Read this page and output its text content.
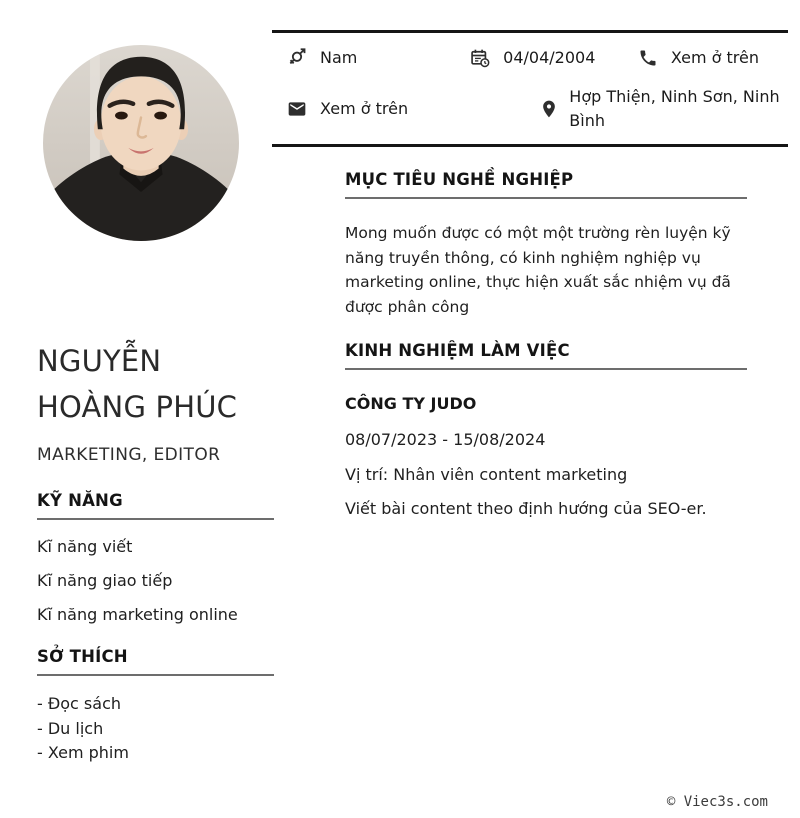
Nam	04/04/2004	Xem ở trên
Xem ở trên
Hợp Thiện, Ninh Sơn, Ninh Bình
NGUYỄN HOÀNG PHÚC
MARKETING, EDITOR
KỸ NĂNG
Kĩ năng viết
Kĩ năng giao tiếp
Kĩ năng marketing online
SỞ THÍCH
- Đọc sách
- Du lịch
- Xem phim
MỤC TIÊU NGHỀ NGHIỆP
Mong muốn được có một một trường rèn luyện kỹ năng truyền thông, có kinh nghiệm nghiệp vụ marketing online, thực hiện xuất sắc nhiệm vụ đã được phân công
KINH NGHIỆM LÀM VIỆC
CÔNG TY JUDO
08/07/2023 - 15/08/2024
Vị trí: Nhân viên content marketing
Viết bài content theo định hướng của SEO-er.
© Viec3s.com
